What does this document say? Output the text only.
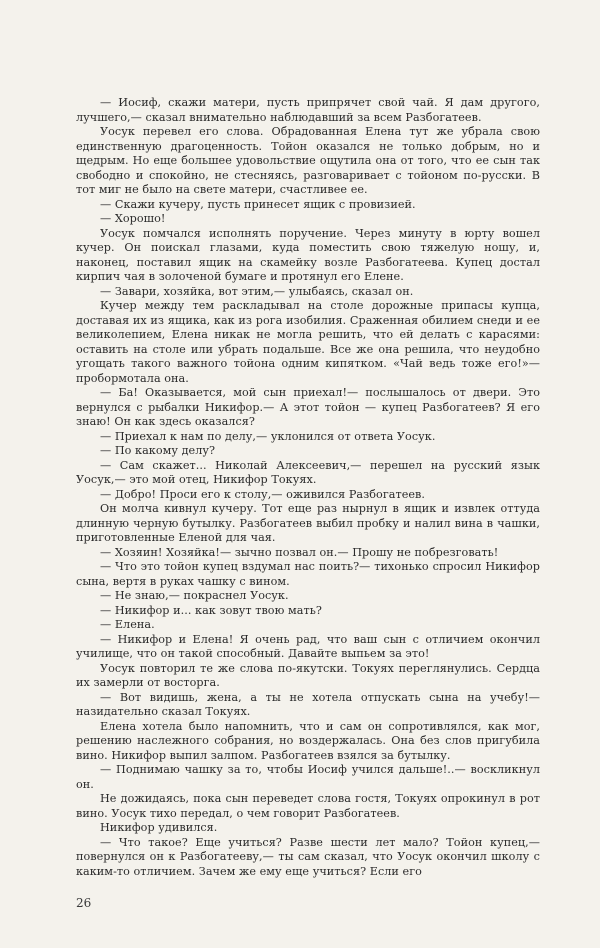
— Иосиф, скажи матери, пусть припрячет свой чай. Я дам другого, лучшего,— сказал внимательно наблюдавший за всем Разбогатеев.

Уосук перевел его слова. Обрадованная Елена тут же убрала свою единственную драгоценность. Тойон оказался не только добрым, но и щедрым. Но еще большее удовольствие ощутила она от того, что ее сын так свободно и спокойно, не стесняясь, разговаривает с тойоном по-русски. В тот миг не было на свете матери, счастливее ее.

— Скажи кучеру, пусть принесет ящик с провизией.

— Хорошо!

Уосук помчался исполнять поручение. Через минуту в юрту вошел кучер. Он поискал глазами, куда поместить свою тяжелую ношу, и, наконец, поставил ящик на скамейку возле Разбогатеева. Купец достал кирпич чая в золоченой бумаге и протянул его Елене.

— Завари, хозяйка, вот этим,— улыбаясь, сказал он.

Кучер между тем раскладывал на столе дорожные припасы купца, доставая их из ящика, как из рога изобилия. Сраженная обилием снеди и ее великолепием, Елена никак не могла решить, что ей делать с карасями: оставить на столе или убрать подальше. Все же она решила, что неудобно угощать такого важного тойона одним кипятком. «Чай ведь тоже его!»— пробормотала она.

— Ба! Оказывается, мой сын приехал!— послышалось от двери. Это вернулся с рыбалки Никифор.— А этот тойон — купец Разбогатеев? Я его знаю! Он как здесь оказался?

— Приехал к нам по делу,— уклонился от ответа Уосук.

— По какому делу?

— Сам скажет... Николай Алексеевич,— перешел на русский язык Уосук,— это мой отец, Никифор Токуях.

— Добро! Проси его к столу,— оживился Разбогатеев.

Он молча кивнул кучеру. Тот еще раз нырнул в ящик и извлек оттуда длинную черную бутылку. Разбогатеев выбил пробку и налил вина в чашки, приготовленные Еленой для чая.

— Хозяин! Хозяйка!— зычно позвал он.— Прошу не побрезговать!

— Что это тойон купец вздумал нас поить?— тихонько спросил Никифор сына, вертя в руках чашку с вином.

— Не знаю,— покраснел Уосук.

— Никифор и... как зовут твою мать?

— Елена.

— Никифор и Елена! Я очень рад, что ваш сын с отличием окончил училище, что он такой способный. Давайте выпьем за это!

Уосук повторил те же слова по-якутски. Токуях переглянулись. Сердца их замерли от восторга.

— Вот видишь, жена, а ты не хотела отпускать сына на учебу!— назидательно сказал Токуях.

Елена хотела было напомнить, что и сам он сопротивлялся, как мог, решению наслежного собрания, но воздержалась. Она без слов пригубила вино. Никифор выпил залпом. Разбогатеев взялся за бутылку.

— Поднимаю чашку за то, чтобы Иосиф учился дальше!..— воскликнул он.

Не дожидаясь, пока сын переведет слова гостя, Токуях опрокинул в рот вино. Уосук тихо передал, о чем говорит Разбогатеев.

Никифор удивился.

— Что такое? Еще учиться? Разве шести лет мало? Тойон купец,— повернулся он к Разбогатееву,— ты сам сказал, что Уосук окончил школу с каким-то отличием. Зачем же ему еще учиться? Если его

26
